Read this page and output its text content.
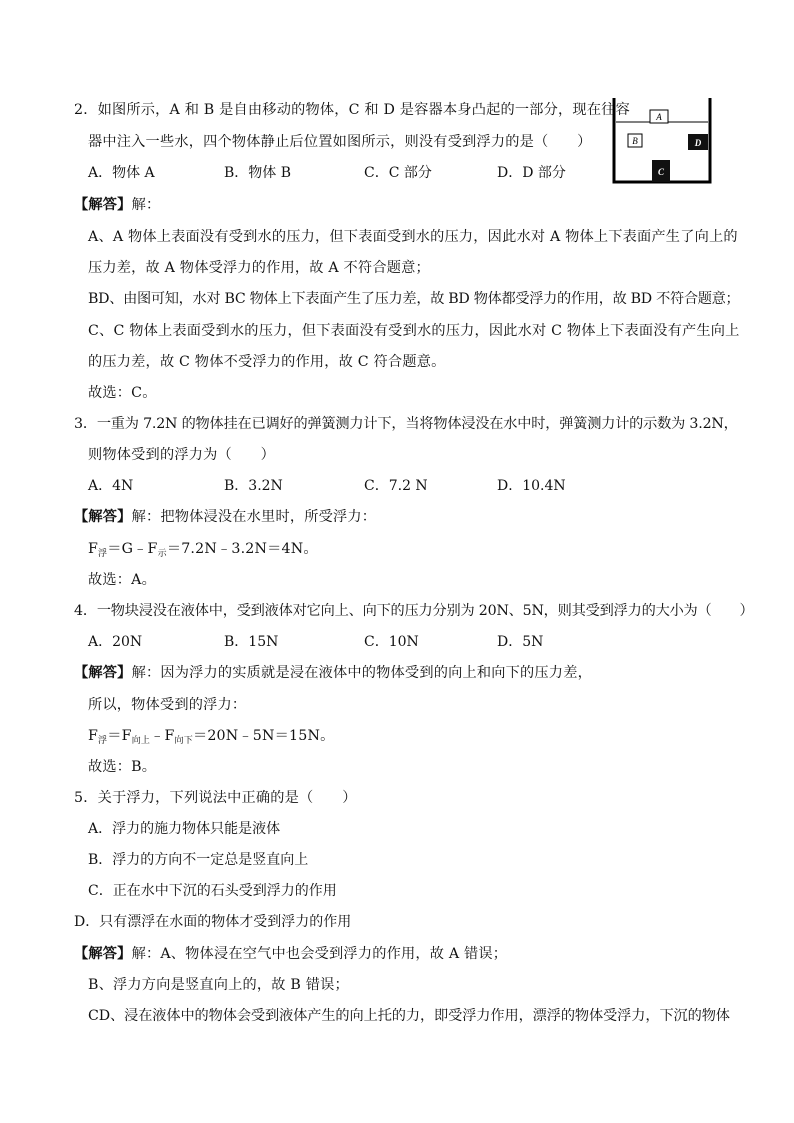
2．如图所示，A 和 B 是自由移动的物体，C 和 D 是容器本身凸起的一部分，现在往容
器中注入一些水，四个物体静止后位置如图所示，则没有受到浮力的是（　　）
A．物体 A	B．物体 B	C．C 部分	D．D 部分
A
B	D
C
【解答】解：
A、A 物体上表面没有受到水的压力，但下表面受到水的压力，因此水对 A 物体上下表面产生了向上的
压力差，故 A 物体受浮力的作用，故 A 不符合题意；
BD、由图可知，水对 BC 物体上下表面产生了压力差，故 BD 物体都受浮力的作用，故 BD 不符合题意；
C、C 物体上表面受到水的压力，但下表面没有受到水的压力，因此水对 C 物体上下表面没有产生向上
的压力差，故 C 物体不受浮力的作用，故 C 符合题意。
故选：C。
3．一重为 7.2N 的物体挂在已调好的弹簧测力计下，当将物体浸没在水中时，弹簧测力计的示数为 3.2N，
则物体受到的浮力为（　　）
A．4N	B．3.2N	C．7.2 N	D．10.4N
【解答】解：把物体浸没在水里时，所受浮力：
$F_浮=G﹣F_示=7.2N﹣3.2N=4N$。
故选：A。
4．一物块浸没在液体中，受到液体对它向上、向下的压力分别为 20N、5N，则其受到浮力的大小为（　　）
A．20N	B．15N	C．10N	D．5N
【解答】解：因为浮力的实质就是浸在液体中的物体受到的向上和向下的压力差，
所以，物体受到的浮力：
$F_浮=F_{向上}﹣F_{向下}=20N﹣5N=15N$。
故选：B。
5．关于浮力，下列说法中正确的是（　　）
A．浮力的施力物体只能是液体
B．浮力的方向不一定总是竖直向上
C．正在水中下沉的石头受到浮力的作用
D．只有漂浮在水面的物体才受到浮力的作用
【解答】解：A、物体浸在空气中也会受到浮力的作用，故 A 错误；
B、浮力方向是竖直向上的，故 B 错误；
CD、浸在液体中的物体会受到液体产生的向上托的力，即受浮力作用，漂浮的物体受浮力，下沉的物体
